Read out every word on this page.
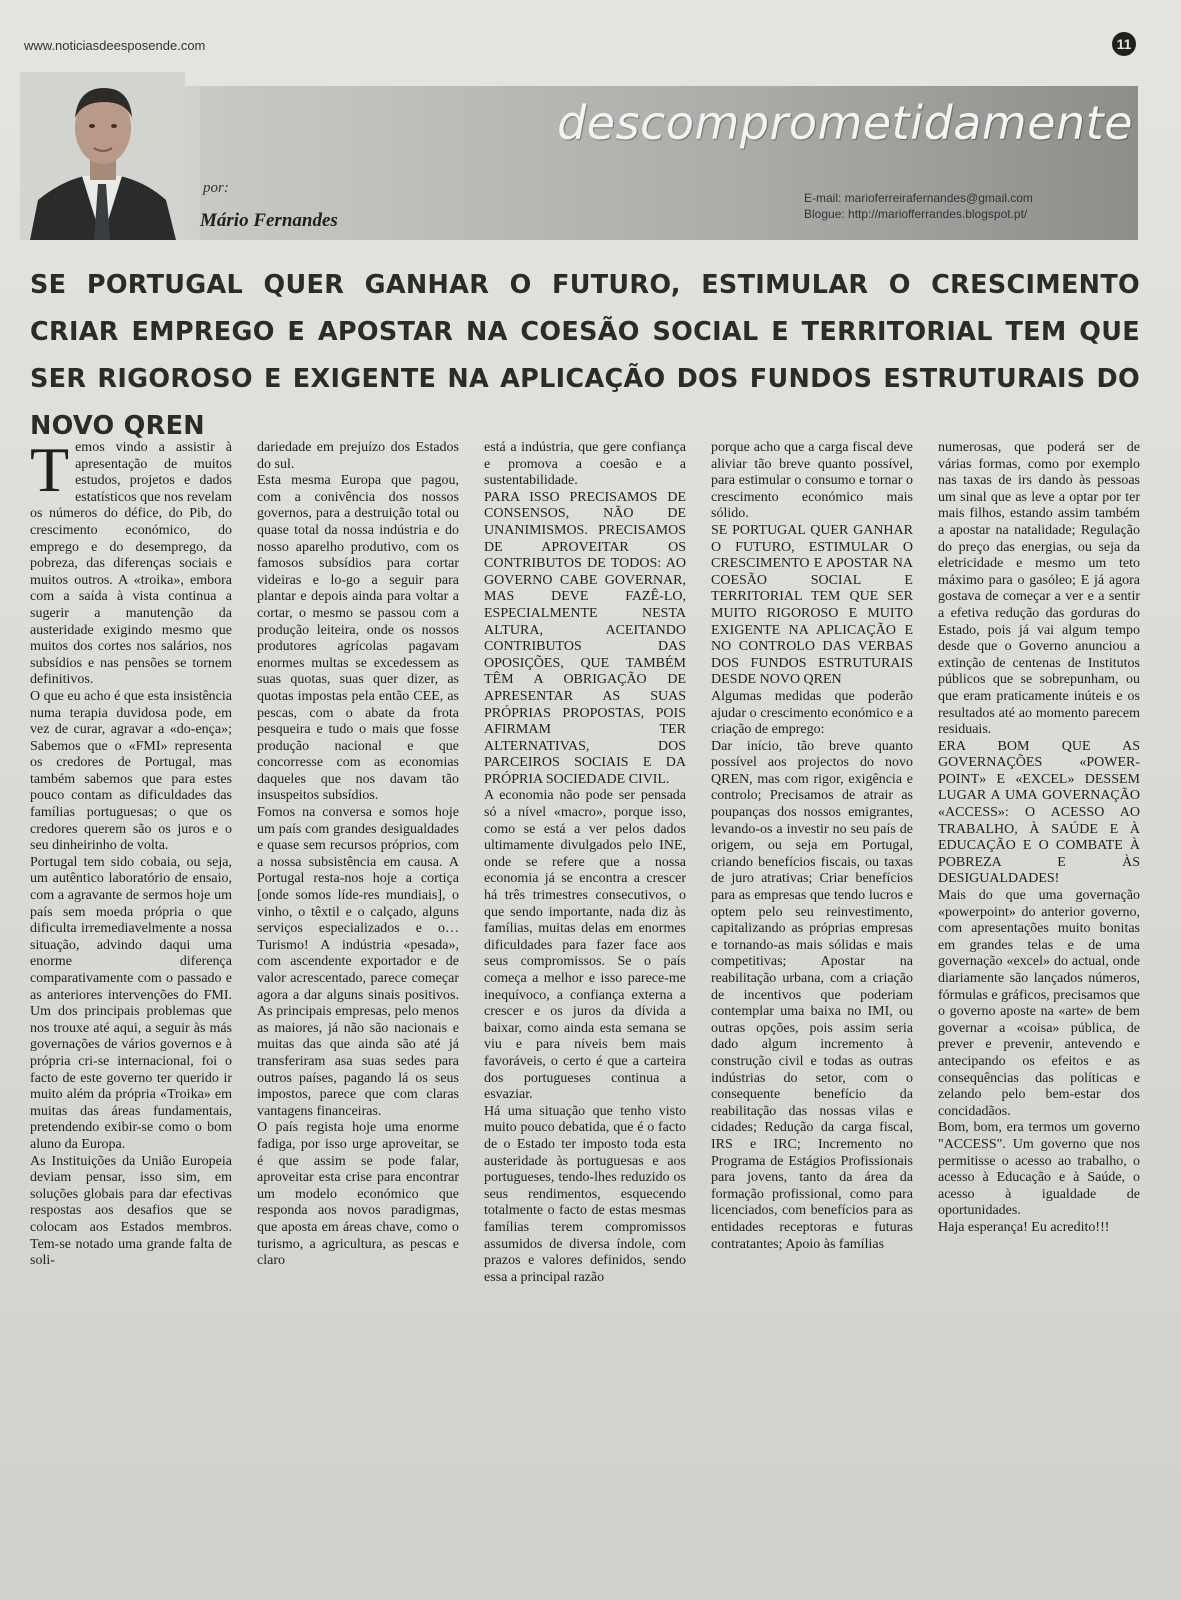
www.noticiasdeesposende.com	11
descomprometidamente
por:
Mário Fernandes
E-mail: marioferreirafernandes@gmail.com
Blogue: http://mariofferrandes.blogspot.pt/
SE PORTUGAL QUER GANHAR O FUTURO, ESTIMULAR O CRESCIMENTO CRIAR EMPREGO E APOSTAR NA COESÃO SOCIAL E TERRITORIAL TEM QUE SER RIGOROSO E EXIGENTE NA APLICAÇÃO DOS FUNDOS ESTRUTURAIS DO NOVO QREN
T emos vindo a assistir à apresentação de muitos estudos, projetos e dados estatísticos que nos revelam os números do défice, do Pib, do crescimento económico, do emprego e do desemprego, da pobreza, das diferenças sociais e muitos outros. A «troika», embora com a saída à vista continua a sugerir a manutenção da austeridade exigindo mesmo que muitos dos cortes nos salários, nos subsídios e nas pensões se tornem definitivos.

O que eu acho é que esta insistência numa terapia duvidosa pode, em vez de curar, agravar a «do-ença»; Sabemos que o «FMI» representa os credores de Portugal, mas também sabemos que para estes pouco contam as dificuldades das famílias portuguesas; o que os credores querem são os juros e o seu dinheirinho de volta.

Portugal tem sido cobaia, ou seja, um autêntico laboratório de ensaio, com a agravante de sermos hoje um país sem moeda própria o que dificulta irremediavelmente a nossa situação, advindo daqui uma enorme diferença comparativamente com o passado e as anteriores intervenções do FMI. Um dos principais problemas que nos trouxe até aqui, a seguir às más governações de vários governos e à própria cri-se internacional, foi o facto de este governo ter querido ir muito além da própria «Troika» em muitas das áreas fundamentais, pretendendo exibir-se como o bom aluno da Europa.

As Instituições da União Europeia deviam pensar, isso sim, em soluções globais para dar efectivas respostas aos desafios que se colocam aos Estados membros. Tem-se notado uma grande falta de soli-

dariedade em prejuízo dos Estados do sul.

Esta mesma Europa que pagou, com a conivência dos nossos governos, para a destruição total ou quase total da nossa indústria e do nosso aparelho produtivo, com os famosos subsídios para cortar videiras e lo-go a seguir para plantar e depois ainda para voltar a cortar, o mesmo se passou com a produção leiteira, onde os nossos produtores agrícolas pagavam enormes multas se excedessem as suas quotas, suas quer dizer, as quotas impostas pela então CEE, as pescas, com o abate da frota pesqueira e tudo o mais que fosse produção nacional e que concorresse com as economias daqueles que nos davam tão insuspeitos subsídios.

Fomos na conversa e somos hoje um país com grandes desigualdades e quase sem recursos próprios, com a nossa subsistência em causa. A Portugal resta-nos hoje a cortiça [onde somos líde-res mundiais], o vinho, o têxtil e o calçado, alguns serviços especializados e o… Turismo! A indústria «pesada», com ascendente exportador e de valor acrescentado, parece começar agora a dar alguns sinais positivos. As principais empresas, pelo menos as maiores, já não são nacionais e muitas das que ainda são até já transferiram asa suas sedes para outros países, pagando lá os seus impostos, parece que com claras vantagens financeiras.

O país regista hoje uma enorme fadiga, por isso urge aproveitar, se é que assim se pode falar, aproveitar esta crise para encontrar um modelo económico que responda aos novos paradigmas, que aposta em áreas chave, como o turismo, a agricultura, as pescas e claro

está a indústria, que gere confiança e promova a coesão e a sustentabilidade.

PARA ISSO PRECISAMOS DE CONSENSOS, NÃO DE UNANIMISMOS. PRECISAMOS DE APROVEITAR OS CONTRIBUTOS DE TODOS: AO GOVERNO CABE GOVERNAR, MAS DEVE FAZÊ-LO, ESPECIALMENTE NESTA ALTURA, ACEITANDO CONTRIBUTOS DAS OPOSIÇÕES, QUE TAMBÉM TÊM A OBRIGAÇÃO DE APRESENTAR AS SUAS PRÓPRIAS PROPOSTAS, POIS AFIRMAM TER ALTERNATIVAS, DOS PARCEIROS SOCIAIS E DA PRÓPRIA SOCIEDADE CIVIL.

A economia não pode ser pensada só a nível «macro», porque isso, como se está a ver pelos dados ultimamente divulgados pelo INE, onde se refere que a nossa economia já se encontra a crescer há três trimestres consecutivos, o que sendo importante, nada diz às famílias, muitas delas em enormes dificuldades para fazer face aos seus compromissos. Se o país começa a melhor e isso parece-me inequívoco, a confiança externa a crescer e os juros da dívida a baixar, como ainda esta semana se viu e para níveis bem mais favoráveis, o certo é que a carteira dos portugueses continua a esvaziar.

Há uma situação que tenho visto muito pouco debatida, que é o facto de o Estado ter imposto toda esta austeridade às portuguesas e aos portugueses, tendo-lhes reduzido os seus rendimentos, esquecendo totalmente o facto de estas mesmas famílias terem compromissos assumidos de diversa índole, com prazos e valores definidos, sendo essa a principal razão

porque acho que a carga fiscal deve aliviar tão breve quanto possível, para estimular o consumo e tornar o crescimento económico mais sólido.

SE PORTUGAL QUER GANHAR O FUTURO, ESTIMULAR O CRESCIMENTO E APOSTAR NA COESÃO SOCIAL E TERRITORIAL TEM QUE SER MUITO RIGOROSO E MUITO EXIGENTE NA APLICAÇÃO E NO CONTROLO DAS VERBAS DOS FUNDOS ESTRUTURAIS DESDE NOVO QREN

Algumas medidas que poderão ajudar o crescimento económico e a criação de emprego:

Dar início, tão breve quanto possível aos projectos do novo QREN, mas com rigor, exigência e controlo; Precisamos de atrair as poupanças dos nossos emigrantes, levando-os a investir no seu país de origem, ou seja em Portugal, criando benefícios fiscais, ou taxas de juro atrativas; Criar benefícios para as empresas que tendo lucros e optem pelo seu reinvestimento, capitalizando as próprias empresas e tornando-as mais sólidas e mais competitivas; Apostar na reabilitação urbana, com a criação de incentivos que poderiam contemplar uma baixa no IMI, ou outras opções, pois assim seria dado algum incremento à construção civil e todas as outras indústrias do setor, com o consequente benefício da reabilitação das nossas vilas e cidades; Redução da carga fiscal, IRS e IRC; Incremento no Programa de Estágios Profissionais para jovens, tanto da área da formação profissional, como para licenciados, com benefícios para as entidades receptoras e futuras contratantes; Apoio às famílias

numerosas, que poderá ser de várias formas, como por exemplo nas taxas de irs dando às pessoas um sinal que as leve a optar por ter mais filhos, estando assim também a apostar na natalidade; Regulação do preço das energias, ou seja da eletricidade e mesmo um teto máximo para o gasóleo; E já agora gostava de começar a ver e a sentir a efetiva redução das gorduras do Estado, pois já vai algum tempo desde que o Governo anunciou a extinção de centenas de Institutos públicos que se sobrepunham, ou que eram praticamente inúteis e os resultados até ao momento parecem residuais.

ERA BOM QUE AS GOVERNAÇÕES «POWER-POINT» E «EXCEL» DESSEM LUGAR A UMA GOVERNAÇÃO «ACCESS»: O ACESSO AO TRABALHO, À SAÚDE E À EDUCAÇÃO E O COMBATE À POBREZA E ÀS DESIGUALDADES!

Mais do que uma governação «powerpoint» do anterior governo, com apresentações muito bonitas em grandes telas e de uma governação «excel» do actual, onde diariamente são lançados números, fórmulas e gráficos, precisamos que o governo aposte na «arte» de bem governar a «coisa» pública, de prever e prevenir, antevendo e antecipando os efeitos e as consequências das políticas e zelando pelo bem-estar dos concidadãos.

Bom, bom, era termos um governo "ACCESS". Um governo que nos permitisse o acesso ao trabalho, o acesso à Educação e à Saúde, o acesso à igualdade de oportunidades.

Haja esperança! Eu acredito!!!
